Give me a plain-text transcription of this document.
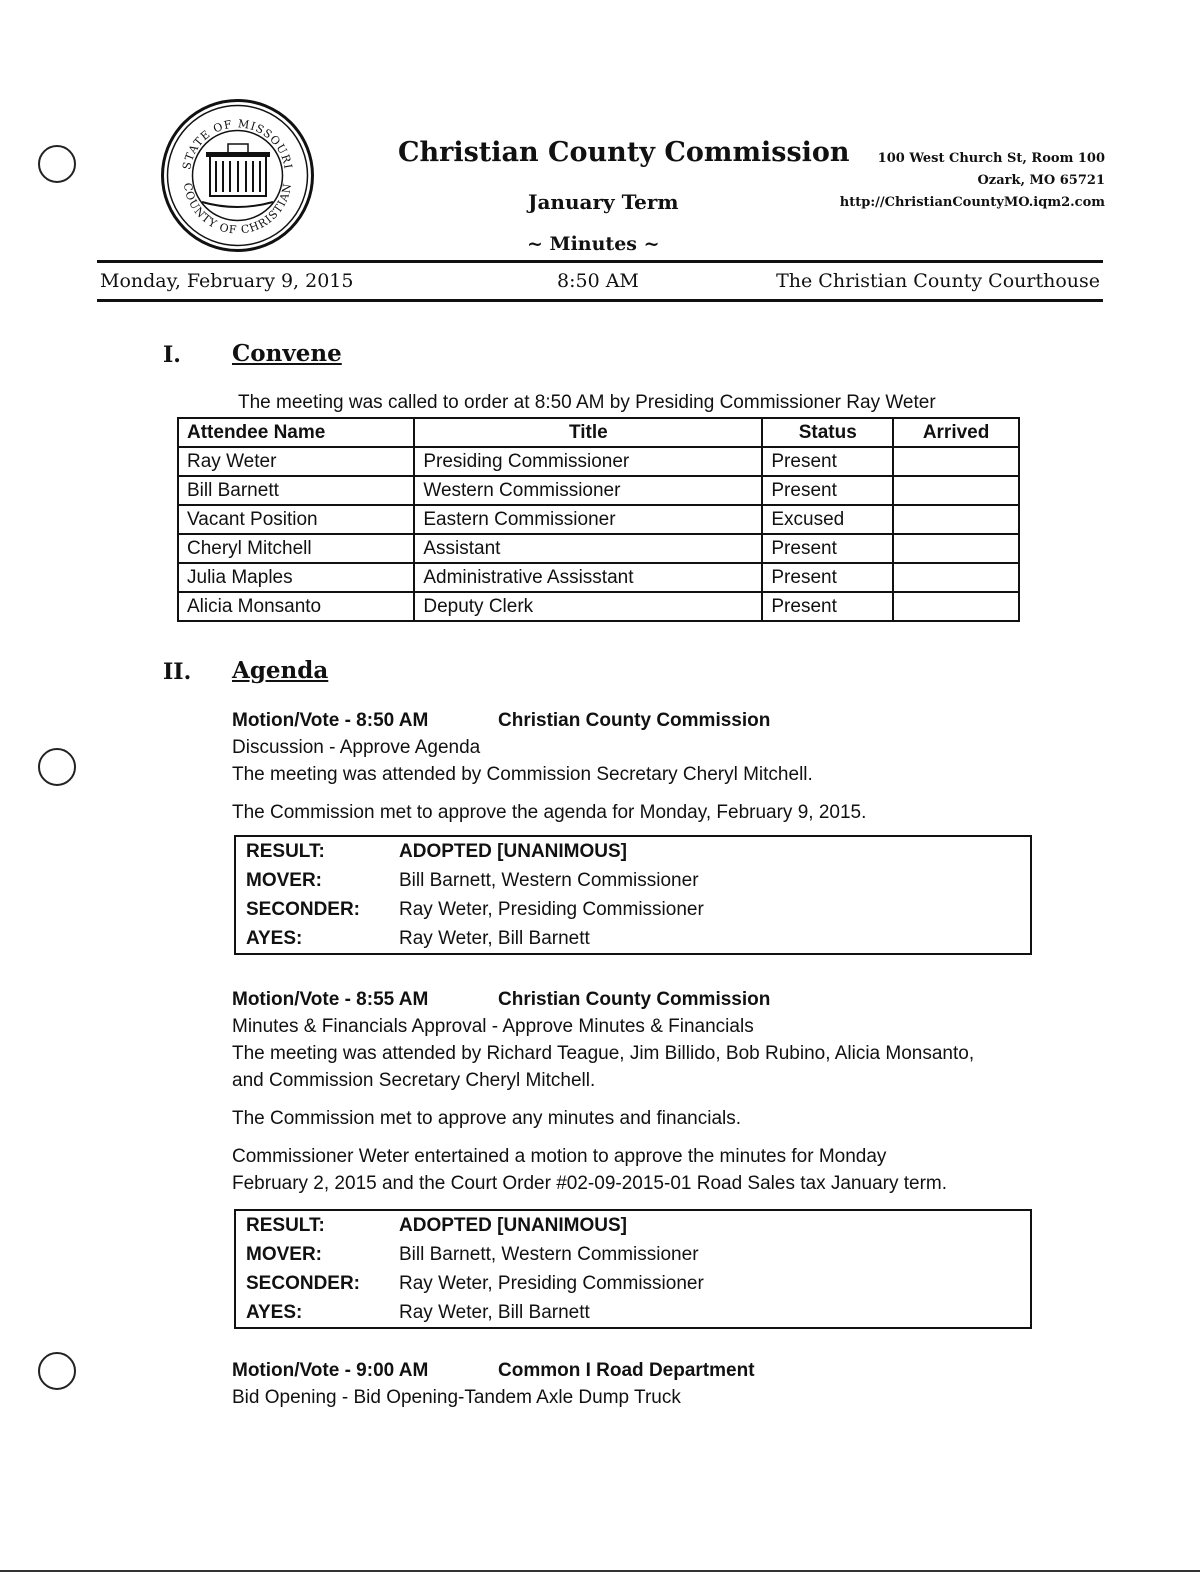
STATE OF MISSOURI
COUNTY OF CHRISTIAN
Christian County Commission
January Term
~ Minutes ~
100 West Church St, Room 100
Ozark, MO 65721
http://ChristianCountyMO.iqm2.com
Monday, February 9, 2015	8:50 AM	The Christian County Courthouse
I. Convene
The meeting was called to order at 8:50 AM by Presiding Commissioner Ray Weter
Attendee Name	Title	Status	Arrived
Ray Weter	Presiding Commissioner	Present	
Bill Barnett	Western Commissioner	Present	
Vacant Position	Eastern Commissioner	Excused	
Cheryl Mitchell	Assistant	Present	
Julia Maples	Administrative Assisstant	Present	
Alicia Monsanto	Deputy Clerk	Present	
II. Agenda
Motion/Vote - 8:50 AM	Christian County Commission
Discussion - Approve Agenda
The meeting was attended by Commission Secretary Cheryl Mitchell.
The Commission met to approve the agenda for Monday, February 9, 2015.
RESULT:	ADOPTED [UNANIMOUS]
MOVER:	Bill Barnett, Western Commissioner
SECONDER: Ray Weter, Presiding Commissioner
AYES:	Ray Weter, Bill Barnett
Motion/Vote - 8:55 AM	Christian County Commission
Minutes & Financials Approval - Approve Minutes & Financials
The meeting was attended by Richard Teague, Jim Billido, Bob Rubino, Alicia Monsanto,
and Commission Secretary Cheryl Mitchell.
The Commission met to approve any minutes and financials.
Commissioner Weter entertained a motion to approve the minutes for Monday
February 2, 2015 and the Court Order #02-09-2015-01 Road Sales tax January term.
RESULT:	ADOPTED [UNANIMOUS]
MOVER:	Bill Barnett, Western Commissioner
SECONDER: Ray Weter, Presiding Commissioner
AYES:	Ray Weter, Bill Barnett
Motion/Vote - 9:00 AM	Common I Road Department
Bid Opening - Bid Opening-Tandem Axle Dump Truck
